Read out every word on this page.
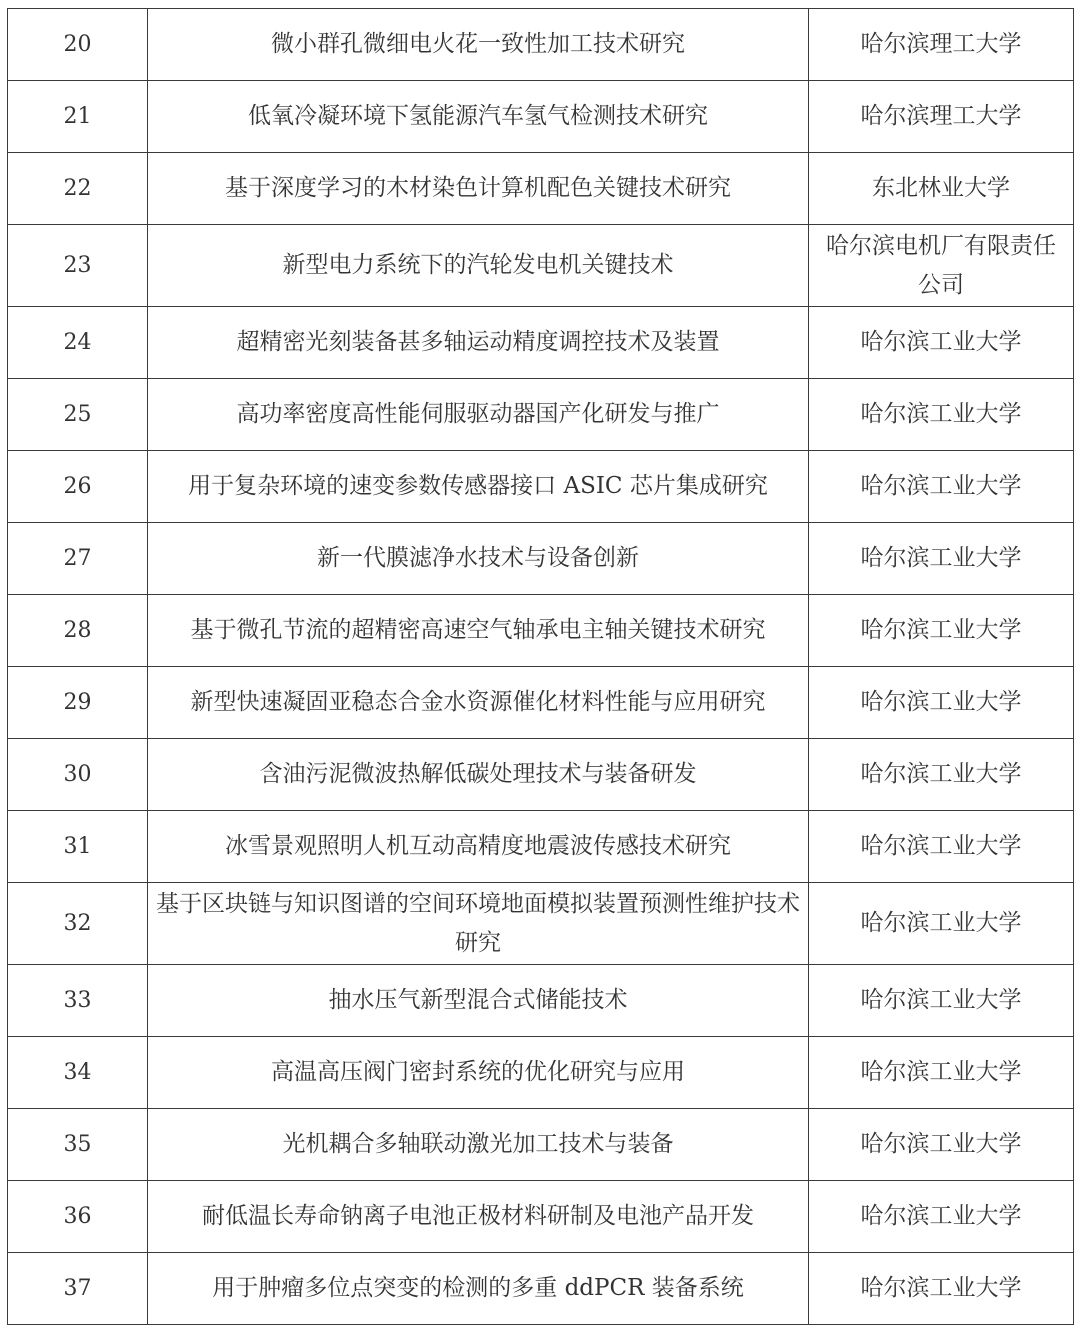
20	微小群孔微细电火花一致性加工技术研究	哈尔滨理工大学
21	低氧冷凝环境下氢能源汽车氢气检测技术研究	哈尔滨理工大学
22	基于深度学习的木材染色计算机配色关键技术研究	东北林业大学
23	新型电力系统下的汽轮发电机关键技术	哈尔滨电机厂有限责任公司
24	超精密光刻装备甚多轴运动精度调控技术及装置	哈尔滨工业大学
25	高功率密度高性能伺服驱动器国产化研发与推广	哈尔滨工业大学
26	用于复杂环境的速变参数传感器接口 ASIC 芯片集成研究	哈尔滨工业大学
27	新一代膜滤净水技术与设备创新	哈尔滨工业大学
28	基于微孔节流的超精密高速空气轴承电主轴关键技术研究	哈尔滨工业大学
29	新型快速凝固亚稳态合金水资源催化材料性能与应用研究	哈尔滨工业大学
30	含油污泥微波热解低碳处理技术与装备研发	哈尔滨工业大学
31	冰雪景观照明人机互动高精度地震波传感技术研究	哈尔滨工业大学
32	基于区块链与知识图谱的空间环境地面模拟装置预测性维护技术研究	哈尔滨工业大学
33	抽水压气新型混合式储能技术	哈尔滨工业大学
34	高温高压阀门密封系统的优化研究与应用	哈尔滨工业大学
35	光机耦合多轴联动激光加工技术与装备	哈尔滨工业大学
36	耐低温长寿命钠离子电池正极材料研制及电池产品开发	哈尔滨工业大学
37	用于肿瘤多位点突变的检测的多重 ddPCR 装备系统	哈尔滨工业大学
